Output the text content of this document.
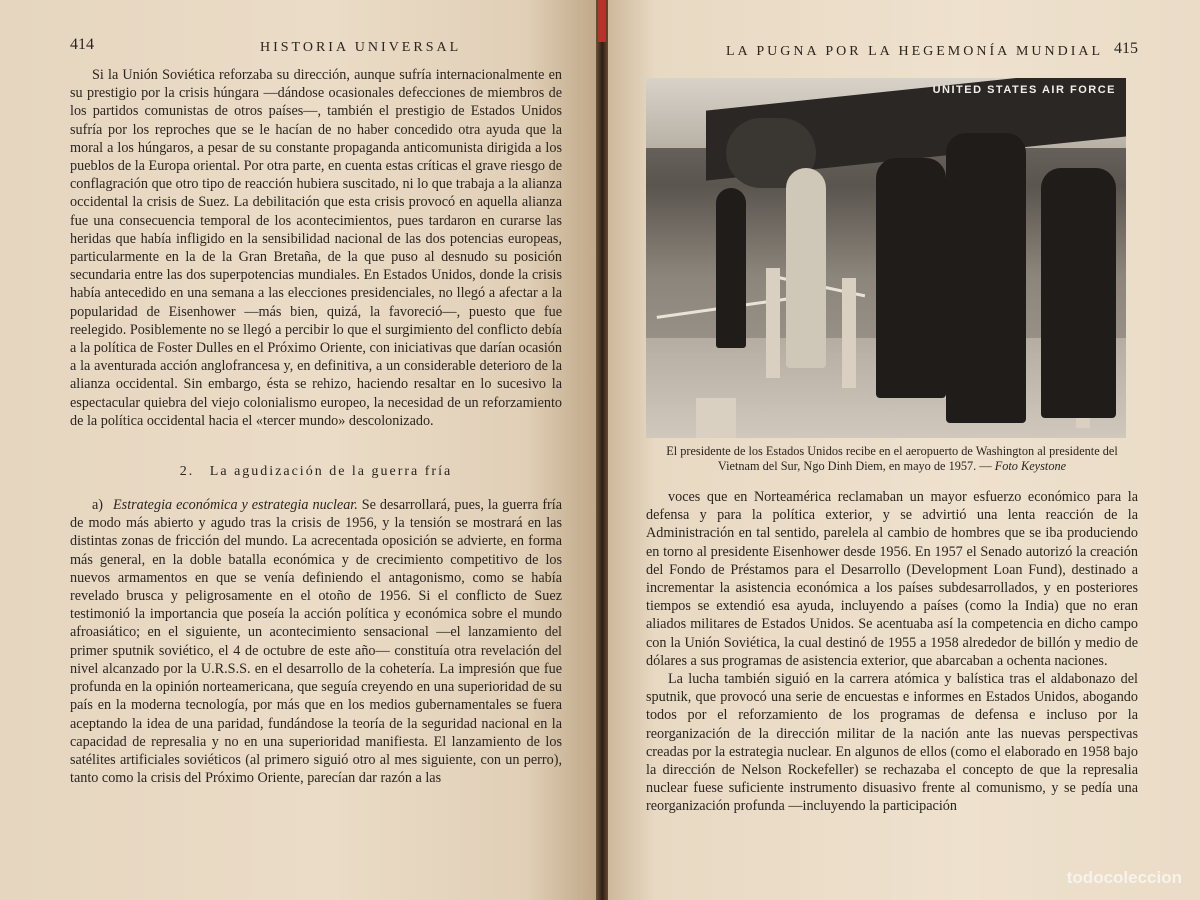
414	HISTORIA UNIVERSAL

Si la Unión Soviética reforzaba su dirección, aunque sufría internacionalmente en su prestigio por la crisis húngara —dándose ocasionales defecciones de miembros de los partidos comunistas de otros países—, también el prestigio de Estados Unidos sufría por los reproches que se le hacían de no haber concedido otra ayuda que la moral a los húngaros, a pesar de su constante propaganda anticomunista dirigida a los pueblos de la Europa oriental. Por otra parte, en cuenta estas críticas el grave riesgo de conflagración que otro tipo de reacción hubiera suscitado, ni lo que trabaja a la alianza occidental la crisis de Suez. La debilitación que esta crisis provocó en aquella alianza fue una consecuencia temporal de los acontecimientos, pues tardaron en curarse las heridas que había infligido en la sensibilidad nacional de las dos potencias europeas, particularmente en la de la Gran Bretaña, de la que puso al desnudo su posición secundaria entre las dos superpotencias mundiales. En Estados Unidos, donde la crisis había antecedido en una semana a las elecciones presidenciales, no llegó a afectar a la popularidad de Eisenhower —más bien, quizá, la favoreció—, puesto que fue reelegido. Posiblemente no se llegó a percibir lo que el surgimiento del conflicto debía a la política de Foster Dulles en el Próximo Oriente, con iniciativas que darían ocasión a la aventurada acción anglofrancesa y, en definitiva, a un considerable deterioro de la alianza occidental. Sin embargo, ésta se rehizo, haciendo resaltar en lo sucesivo la espectacular quiebra del viejo colonialismo europeo, la necesidad de un reforzamiento de la política occidental hacia el «tercer mundo» descolonizado.

2. La agudización de la guerra fría

a) Estrategia económica y estrategia nuclear. Se desarrollará, pues, la guerra fría de modo más abierto y agudo tras la crisis de 1956, y la tensión se mostrará en las distintas zonas de fricción del mundo. La acrecentada oposición se advierte, en forma más general, en la doble batalla económica y de crecimiento competitivo de los nuevos armamentos en que se venía definiendo el antagonismo, como se había revelado brusca y peligrosamente en el otoño de 1956. Si el conflicto de Suez testimonió la importancia que poseía la acción política y económica sobre el mundo afroasiático; en el siguiente, un acontecimiento sensacional —el lanzamiento del primer sputnik soviético, el 4 de octubre de este año— constituía otra revelación del nivel alcanzado por la U.R.S.S. en el desarrollo de la cohetería. La impresión que fue profunda en la opinión norteamericana, que seguía creyendo en una superioridad de su país en la moderna tecnología, por más que en los medios gubernamentales se fuera aceptando la idea de una paridad, fundándose la teoría de la seguridad nacional en la capacidad de represalia y no en una superioridad manifiesta. El lanzamiento de los satélites artificiales soviéticos (al primero siguió otro al mes siguiente, con un perro), tanto como la crisis del Próximo Oriente, parecían dar razón a las

LA PUGNA POR LA HEGEMONÍA MUNDIAL 415
UNITED STATES AIR FORCE

El presidente de los Estados Unidos recibe en el aeropuerto de Washington al presidente del Vietnam del Sur, Ngo Dinh Diem, en mayo de 1957. — Foto Keystone

voces que en Norteamérica reclamaban un mayor esfuerzo económico para la defensa y para la política exterior, y se advirtió una lenta reacción de la Administración en tal sentido, parelela al cambio de hombres que se iba produciendo en torno al presidente Eisenhower desde 1956. En 1957 el Senado autorizó la creación del Fondo de Préstamos para el Desarrollo (Development Loan Fund), destinado a incrementar la asistencia económica a los países subdesarrollados, y en posteriores tiempos se extendió esa ayuda, incluyendo a países (como la India) que no eran aliados militares de Estados Unidos. Se acentuaba así la competencia en dicho campo con la Unión Soviética, la cual destinó de 1955 a 1958 alrededor de billón y medio de dólares a sus programas de asistencia exterior, que abarcaban a ochenta naciones.

La lucha también siguió en la carrera atómica y balística tras el aldabonazo del sputnik, que provocó una serie de encuestas e informes en Estados Unidos, abogando todos por el reforzamiento de los programas de defensa e incluso por la reorganización de la dirección militar de la nación ante las nuevas perspectivas creadas por la estrategia nuclear. En algunos de ellos (como el elaborado en 1958 bajo la dirección de Nelson Rockefeller) se rechazaba el concepto de que la represalia nuclear fuese suficiente instrumento disuasivo frente al comunismo, y se pedía una reorganización profunda —incluyendo la participación

todocoleccion
